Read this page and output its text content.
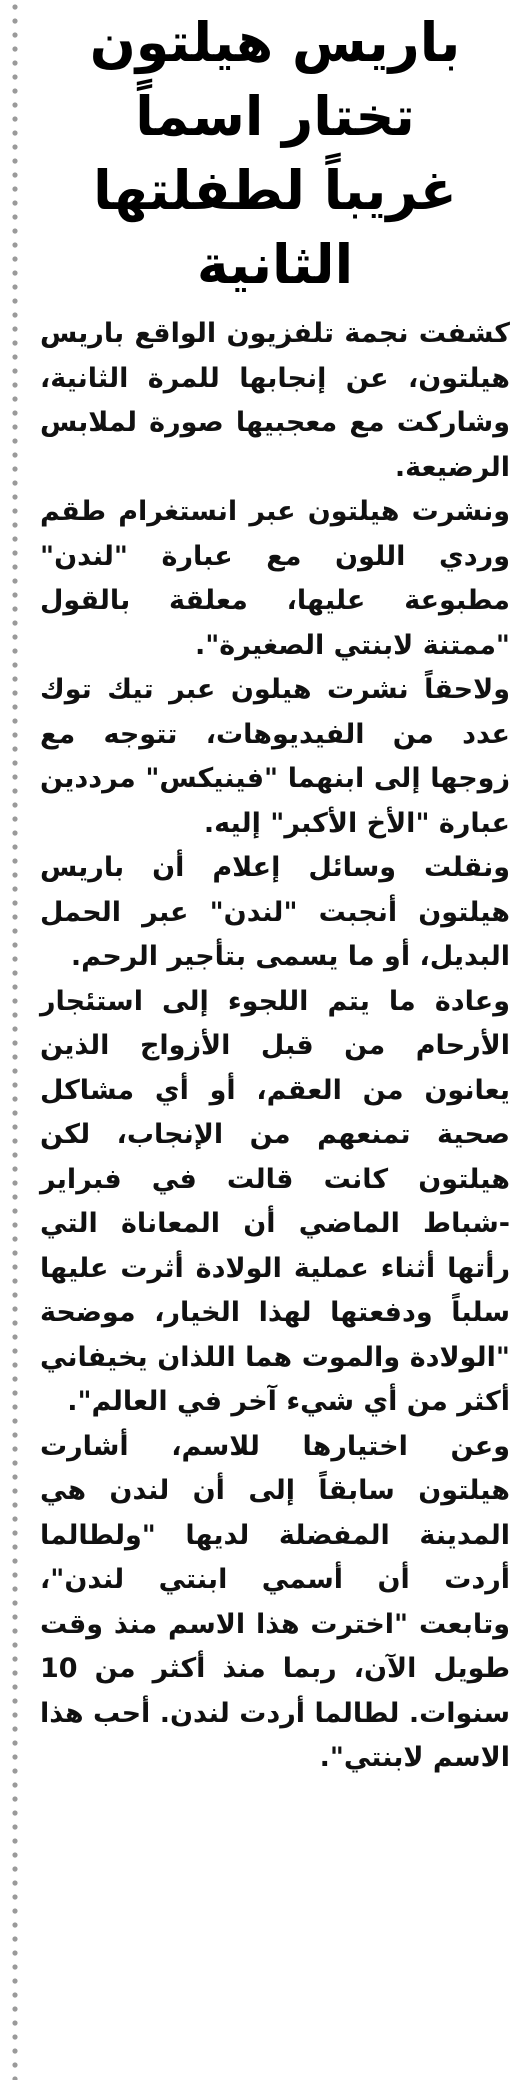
باريس هيلتون تختار اسماً
غريباً لطفلتها الثانية

كشفت نجمة تلفزيون الواقع باريس هيلتون، عن إنجابها للمرة الثانية، وشاركت مع معجبيها صورة لملابس الرضيعة.

ونشرت هيلتون عبر انستغرام طقم وردي اللون مع عبارة "لندن" مطبوعة عليها، معلقة بالقول "ممتنة لابنتي الصغيرة".

ولاحقاً نشرت هيلون عبر تيك توك عدد من الفيديوهات، تتوجه مع زوجها إلى ابنهما "فينيكس" مرددين عبارة "الأخ الأكبر" إليه.

ونقلت وسائل إعلام أن باريس هيلتون أنجبت "لندن" عبر الحمل البديل، أو ما يسمى بتأجير الرحم.

وعادة ما يتم اللجوء إلى استئجار الأرحام من قبل الأزواج الذين يعانون من العقم، أو أي مشاكل صحية تمنعهم من الإنجاب، لكن هيلتون كانت قالت في فبراير -شباط الماضي أن المعاناة التي رأتها أثناء عملية الولادة أثرت عليها سلباً ودفعتها لهذا الخيار، موضحة "الولادة والموت هما اللذان يخيفاني أكثر من أي شيء آخر في العالم".

وعن اختيارها للاسم، أشارت هيلتون سابقاً إلى أن لندن هي المدينة المفضلة لديها "ولطالما أردت أن أسمي ابنتي لندن"، وتابعت "اخترت هذا الاسم منذ وقت طويل الآن، ربما منذ أكثر من 10 سنوات. لطالما أردت لندن. أحب هذا الاسم لابنتي".
